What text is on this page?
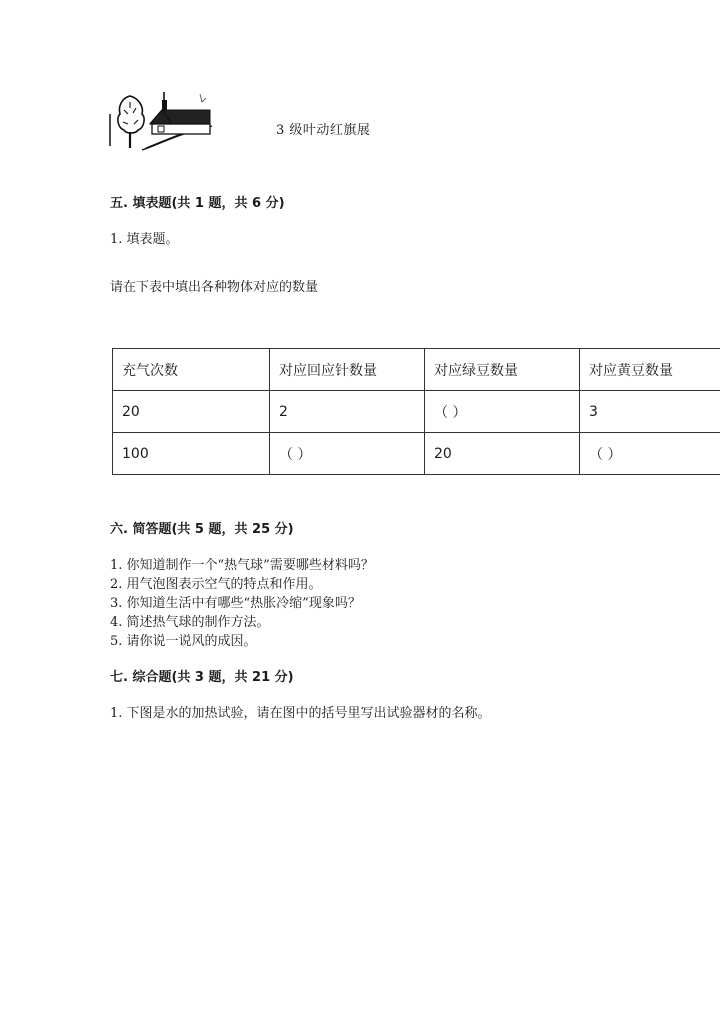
3 级叶动红旗展
五. 填表题(共 1 题，共 6 分)
1. 填表题。
请在下表中填出各种物体对应的数量
充气次数	对应回应针数量	对应绿豆数量	对应黄豆数量
20	2	（ ）	3
100	（ ）	20	（ ）
六. 简答题(共 5 题，共 25 分)
1. 你知道制作一个“热气球”需要哪些材料吗？
2. 用气泡图表示空气的特点和作用。
3. 你知道生活中有哪些“热胀冷缩”现象吗？
4. 简述热气球的制作方法。
5. 请你说一说风的成因。
七. 综合题(共 3 题，共 21 分)
1. 下图是水的加热试验，请在图中的括号里写出试验器材的名称。
